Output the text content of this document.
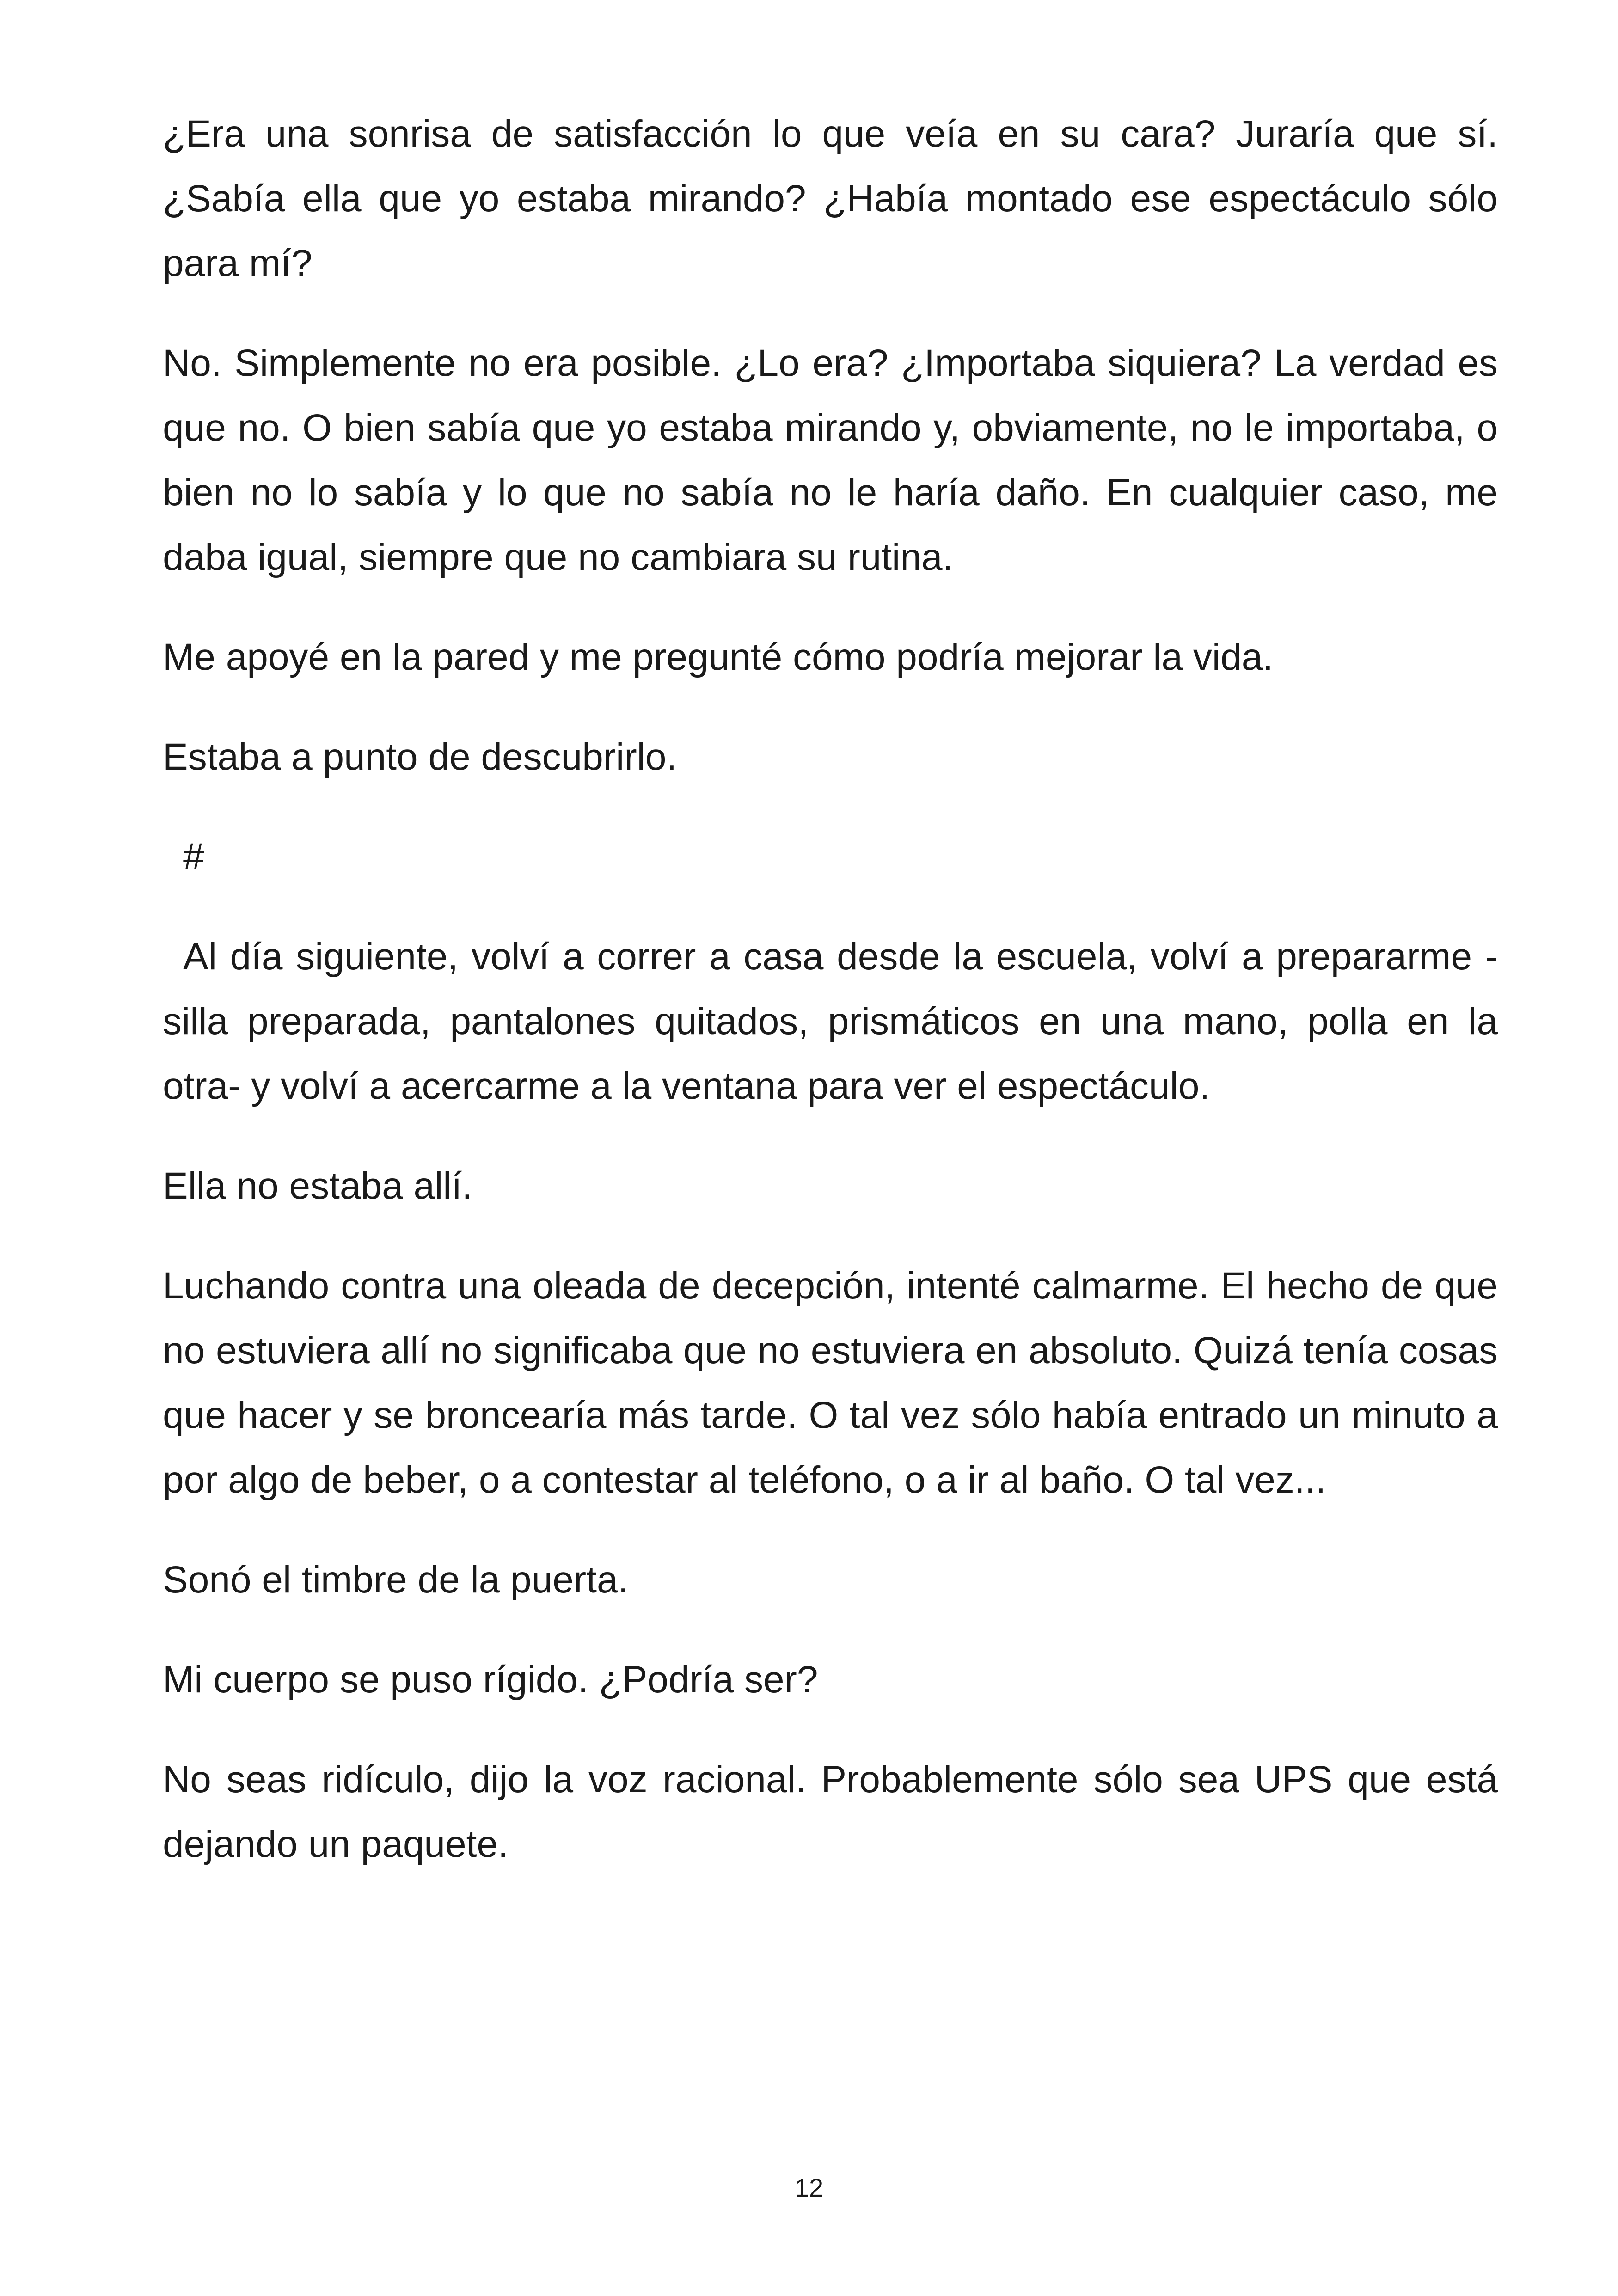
¿Era una sonrisa de satisfacción lo que veía en su cara? Juraría que sí. ¿Sabía ella que yo estaba mirando? ¿Había montado ese espectáculo sólo para mí?

No. Simplemente no era posible. ¿Lo era? ¿Importaba siquiera? La verdad es que no. O bien sabía que yo estaba mirando y, obviamente, no le importaba, o bien no lo sabía y lo que no sabía no le haría daño. En cualquier caso, me daba igual, siempre que no cambiara su rutina.

Me apoyé en la pared y me pregunté cómo podría mejorar la vida.

Estaba a punto de descubrirlo.

#

Al día siguiente, volví a correr a casa desde la escuela, volví a prepararme -silla preparada, pantalones quitados, prismáticos en una mano, polla en la otra- y volví a acercarme a la ventana para ver el espectáculo.

Ella no estaba allí.

Luchando contra una oleada de decepción, intenté calmarme. El hecho de que no estuviera allí no significaba que no estuviera en absoluto. Quizá tenía cosas que hacer y se broncearía más tarde. O tal vez sólo había entrado un minuto a por algo de beber, o a contestar al teléfono, o a ir al baño. O tal vez...

Sonó el timbre de la puerta.

Mi cuerpo se puso rígido. ¿Podría ser?

No seas ridículo, dijo la voz racional. Probablemente sólo sea UPS que está dejando un paquete.

12
